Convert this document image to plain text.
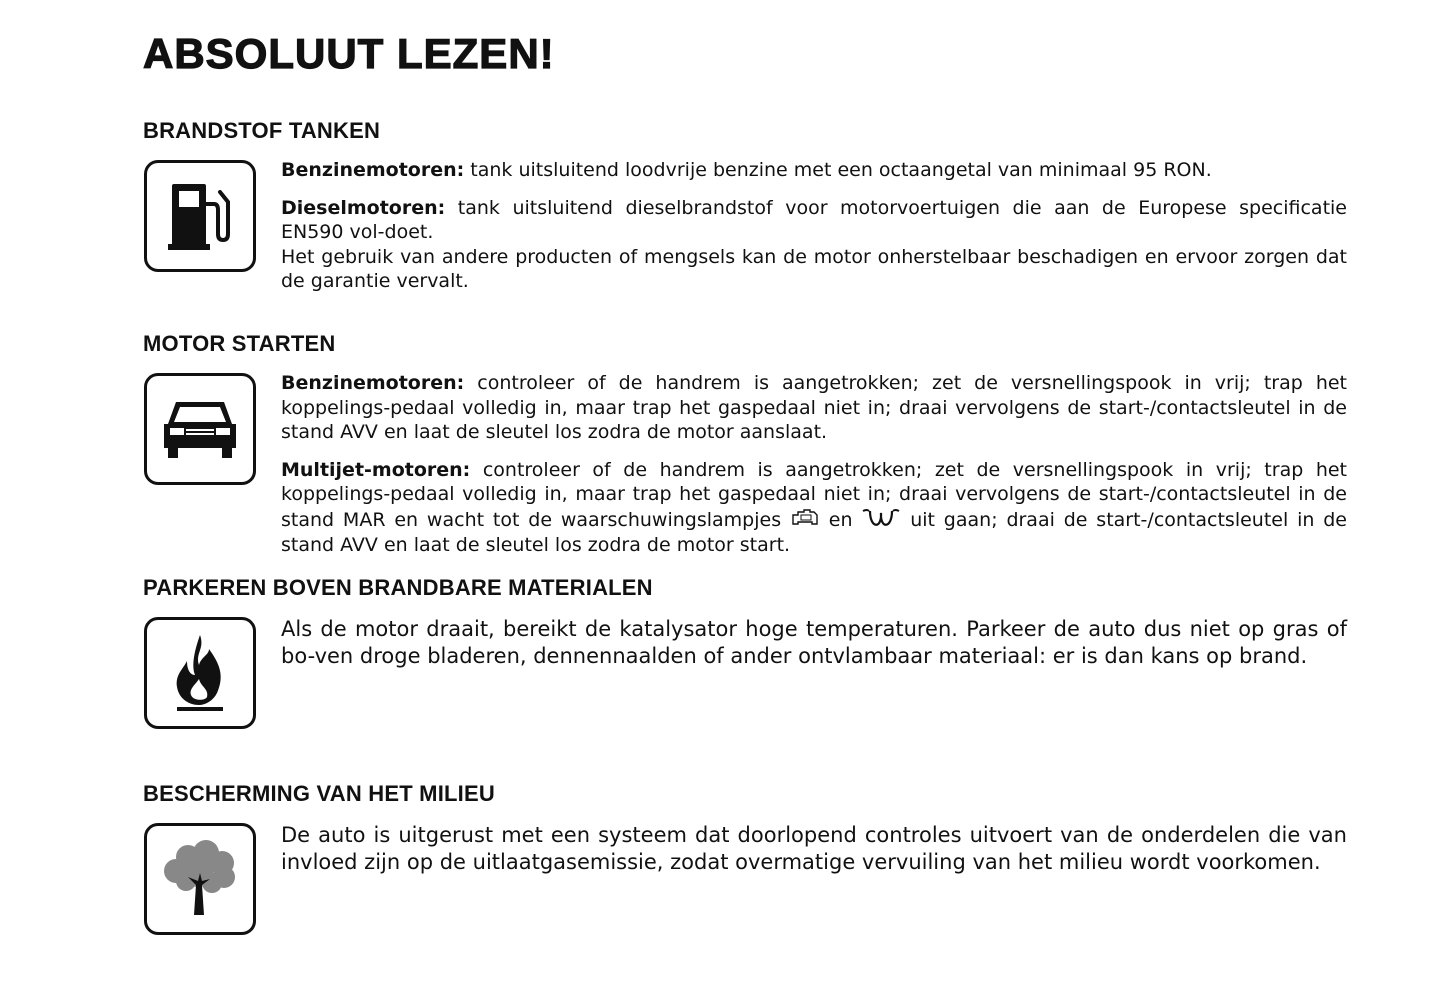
ABSOLUUT LEZEN!
BRANDSTOF TANKEN

Benzinemotoren: tank uitsluitend loodvrije benzine met een octaangetal van minimaal 95 RON.

Dieselmotoren: tank uitsluitend dieselbrandstof voor motorvoertuigen die aan de Europese specificatie EN590 vol-doet.

Het gebruik van andere producten of mengsels kan de motor onherstelbaar beschadigen en ervoor zorgen dat de garantie vervalt.

MOTOR STARTEN

Benzinemotoren: controleer of de handrem is aangetrokken; zet de versnellingspook in vrij; trap het koppelings-pedaal volledig in, maar trap het gaspedaal niet in; draai vervolgens de start-/contactsleutel in de stand AVV en laat de sleutel los zodra de motor aanslaat.

Multijet-motoren: controleer of de handrem is aangetrokken; zet de versnellingspook in vrij; trap het koppelings-pedaal volledig in, maar trap het gaspedaal niet in; draai vervolgens de start-/contactsleutel in de stand MAR en wacht tot de waarschuwingslampjes  en  uit gaan; draai de start-/contactsleutel in de stand AVV en laat de sleutel los zodra de motor start.

PARKEREN BOVEN BRANDBARE MATERIALEN

Als de motor draait, bereikt de katalysator hoge temperaturen. Parkeer de auto dus niet op gras of bo-ven droge bladeren, dennennaalden of ander ontvlambaar materiaal: er is dan kans op brand.

BESCHERMING VAN HET MILIEU

De auto is uitgerust met een systeem dat doorlopend controles uitvoert van de onderdelen die van invloed zijn op de uitlaatgasemissie, zodat overmatige vervuiling van het milieu wordt voorkomen.
